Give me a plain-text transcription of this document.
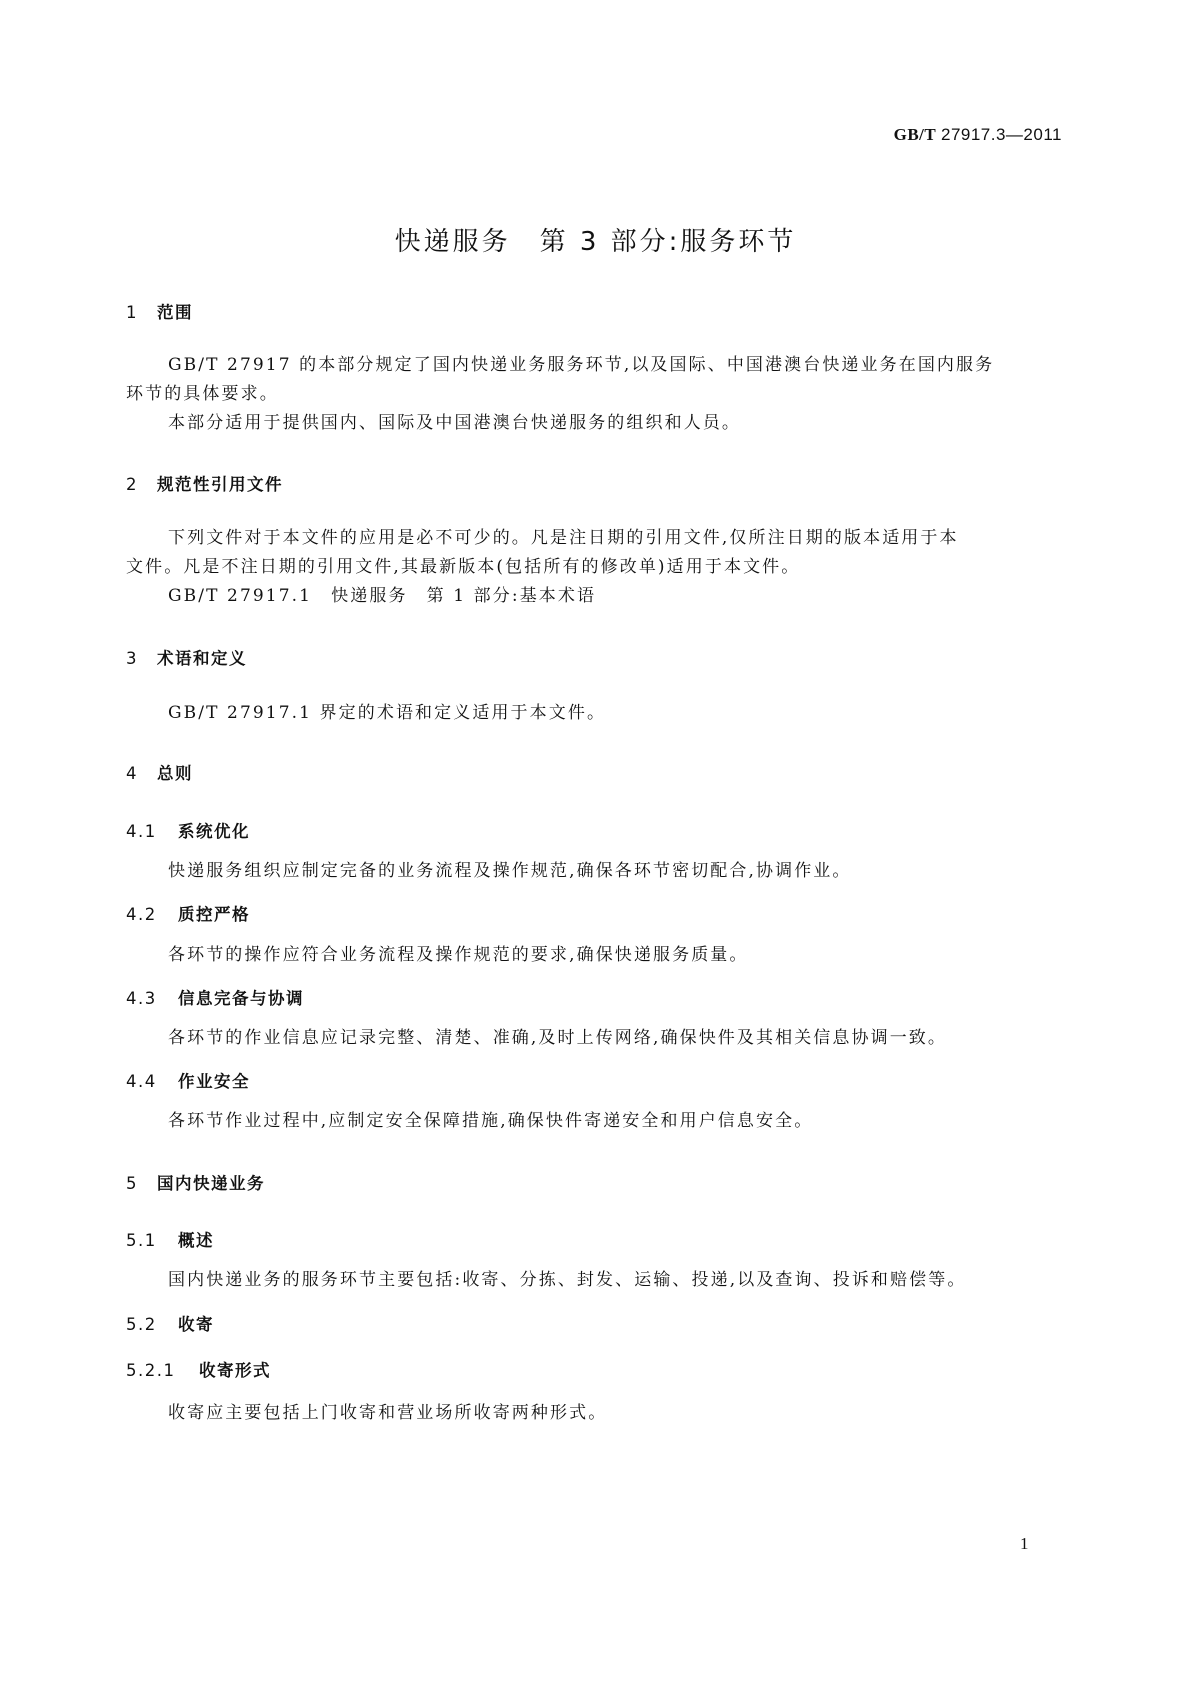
GB/T 27917.3—2011
快递服务　第 3 部分:服务环节
1 范围
GB/T 27917 的本部分规定了国内快递业务服务环节,以及国际、中国港澳台快递业务在国内服务
环节的具体要求。
本部分适用于提供国内、国际及中国港澳台快递服务的组织和人员。
2 规范性引用文件
下列文件对于本文件的应用是必不可少的。凡是注日期的引用文件,仅所注日期的版本适用于本
文件。凡是不注日期的引用文件,其最新版本(包括所有的修改单)适用于本文件。
GB/T 27917.1　快递服务　第 1 部分:基本术语
3 术语和定义
GB/T 27917.1 界定的术语和定义适用于本文件。
4 总则
4.1 系统优化
快递服务组织应制定完备的业务流程及操作规范,确保各环节密切配合,协调作业。
4.2 质控严格
各环节的操作应符合业务流程及操作规范的要求,确保快递服务质量。
4.3 信息完备与协调
各环节的作业信息应记录完整、清楚、准确,及时上传网络,确保快件及其相关信息协调一致。
4.4 作业安全
各环节作业过程中,应制定安全保障措施,确保快件寄递安全和用户信息安全。
5 国内快递业务
5.1 概述
国内快递业务的服务环节主要包括:收寄、分拣、封发、运输、投递,以及查询、投诉和赔偿等。
5.2 收寄
5.2.1 收寄形式
收寄应主要包括上门收寄和营业场所收寄两种形式。
1
